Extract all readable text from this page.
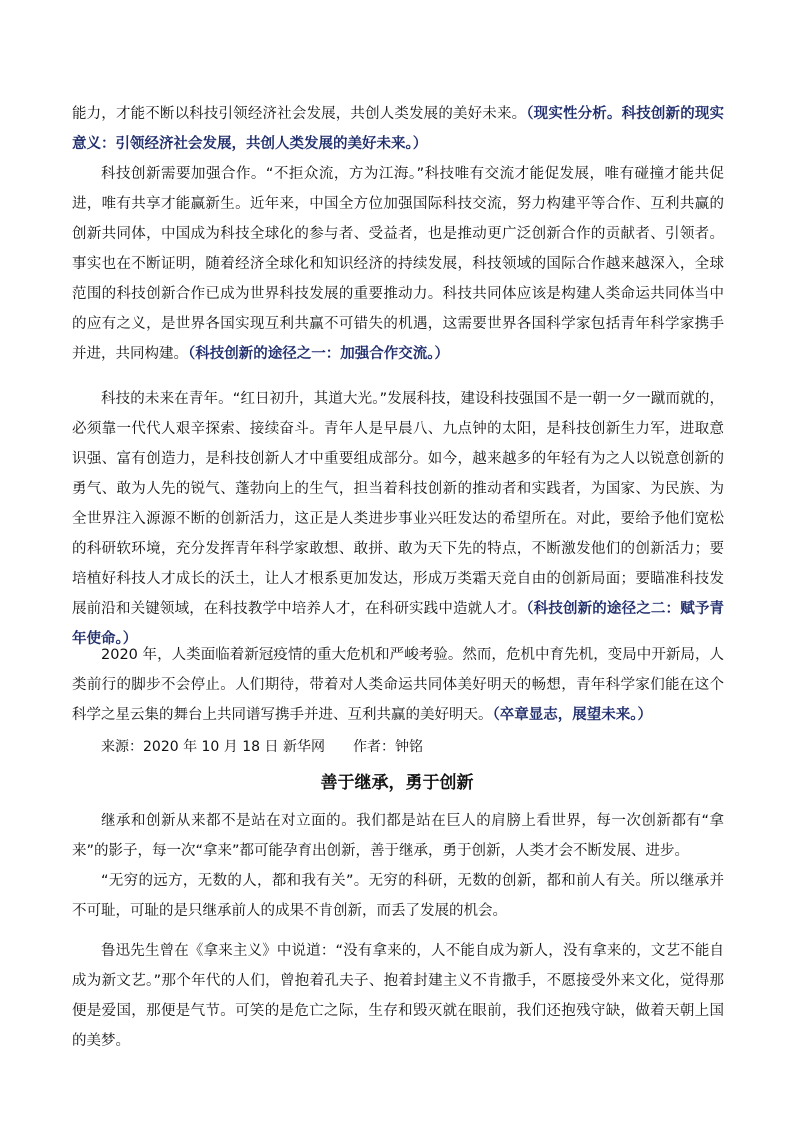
能力，才能不断以科技引领经济社会发展，共创人类发展的美好未来。（现实性分析。科技创新的现实意义：引领经济社会发展，共创人类发展的美好未来。）

科技创新需要加强合作。“不拒众流，方为江海。”科技唯有交流才能促发展，唯有碰撞才能共促进，唯有共享才能赢新生。近年来，中国全方位加强国际科技交流，努力构建平等合作、互利共赢的创新共同体，中国成为科技全球化的参与者、受益者，也是推动更广泛创新合作的贡献者、引领者。事实也在不断证明，随着经济全球化和知识经济的持续发展，科技领域的国际合作越来越深入，全球范围的科技创新合作已成为世界科技发展的重要推动力。科技共同体应该是构建人类命运共同体当中的应有之义，是世界各国实现互利共赢不可错失的机遇，这需要世界各国科学家包括青年科学家携手并进，共同构建。（科技创新的途径之一：加强合作交流。）

科技的未来在青年。“红日初升，其道大光。”发展科技，建设科技强国不是一朝一夕一蹴而就的，必须靠一代代人艰辛探索、接续奋斗。青年人是早晨八、九点钟的太阳，是科技创新生力军，进取意识强、富有创造力，是科技创新人才中重要组成部分。如今，越来越多的年轻有为之人以锐意创新的勇气、敢为人先的锐气、蓬勃向上的生气，担当着科技创新的推动者和实践者，为国家、为民族、为全世界注入源源不断的创新活力，这正是人类进步事业兴旺发达的希望所在。对此，要给予他们宽松的科研软环境，充分发挥青年科学家敢想、敢拼、敢为天下先的特点，不断激发他们的创新活力；要培植好科技人才成长的沃土，让人才根系更加发达，形成万类霜天竞自由的创新局面；要瞄准科技发展前沿和关键领域，在科技教学中培养人才，在科研实践中造就人才。（科技创新的途径之二：赋予青年使命。）

2020 年，人类面临着新冠疫情的重大危机和严峻考验。然而，危机中育先机，变局中开新局，人类前行的脚步不会停止。人们期待，带着对人类命运共同体美好明天的畅想，青年科学家们能在这个科学之星云集的舞台上共同谱写携手并进、互利共赢的美好明天。（卒章显志，展望未来。）

来源：2020 年 10 月 18 日 新华网 作者：钟铭

善于继承，勇于创新

继承和创新从来都不是站在对立面的。我们都是站在巨人的肩膀上看世界，每一次创新都有“拿来”的影子，每一次“拿来”都可能孕育出创新，善于继承，勇于创新，人类才会不断发展、进步。

“无穷的远方，无数的人，都和我有关”。无穷的科研，无数的创新，都和前人有关。所以继承并不可耻，可耻的是只继承前人的成果不肯创新，而丢了发展的机会。

鲁迅先生曾在《拿来主义》中说道：“没有拿来的，人不能自成为新人，没有拿来的，文艺不能自成为新文艺。”那个年代的人们，曾抱着孔夫子、抱着封建主义不肯撒手，不愿接受外来文化，觉得那便是爱国，那便是气节。可笑的是危亡之际，生存和毁灭就在眼前，我们还抱残守缺，做着天朝上国的美梦。
